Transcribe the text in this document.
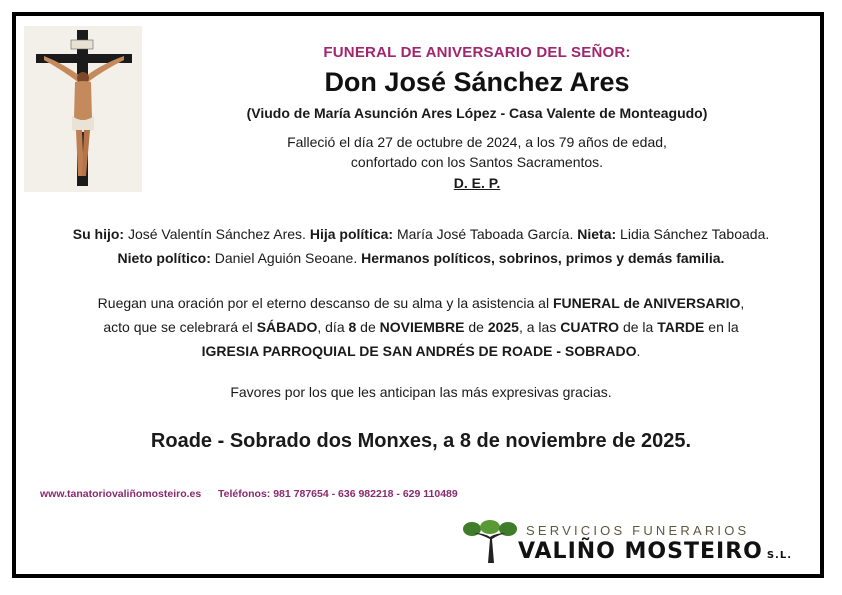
FUNERAL DE ANIVERSARIO DEL SEÑOR:
Don José Sánchez Ares
(Viudo de María Asunción Ares López - Casa Valente de Monteagudo)
Falleció el día 27 de octubre de 2024, a los 79 años de edad,
confortado con los Santos Sacramentos.
D. E. P.
Su hijo: José Valentín Sánchez Ares. Hija política: María José Taboada García. Nieta: Lidia Sánchez Taboada.
Nieto político: Daniel Aguión Seoane. Hermanos políticos, sobrinos, primos y demás familia.
Ruegan una oración por el eterno descanso de su alma y la asistencia al FUNERAL de ANIVERSARIO,
acto que se celebrará el SÁBADO, día 8 de NOVIEMBRE de 2025, a las CUATRO de la TARDE en la
IGRESIA PARROQUIAL DE SAN ANDRÉS DE ROADE - SOBRADO.
Favores por los que les anticipan las más expresivas gracias.
Roade - Sobrado dos Monxes, a 8 de noviembre de 2025.
www.tanatoriovaliñomosteiro.es Teléfonos: 981 787654 - 636 982218 - 629 110489
SERVICIOS FUNERARIOS
VALIÑO MOSTEIRO S.L.
